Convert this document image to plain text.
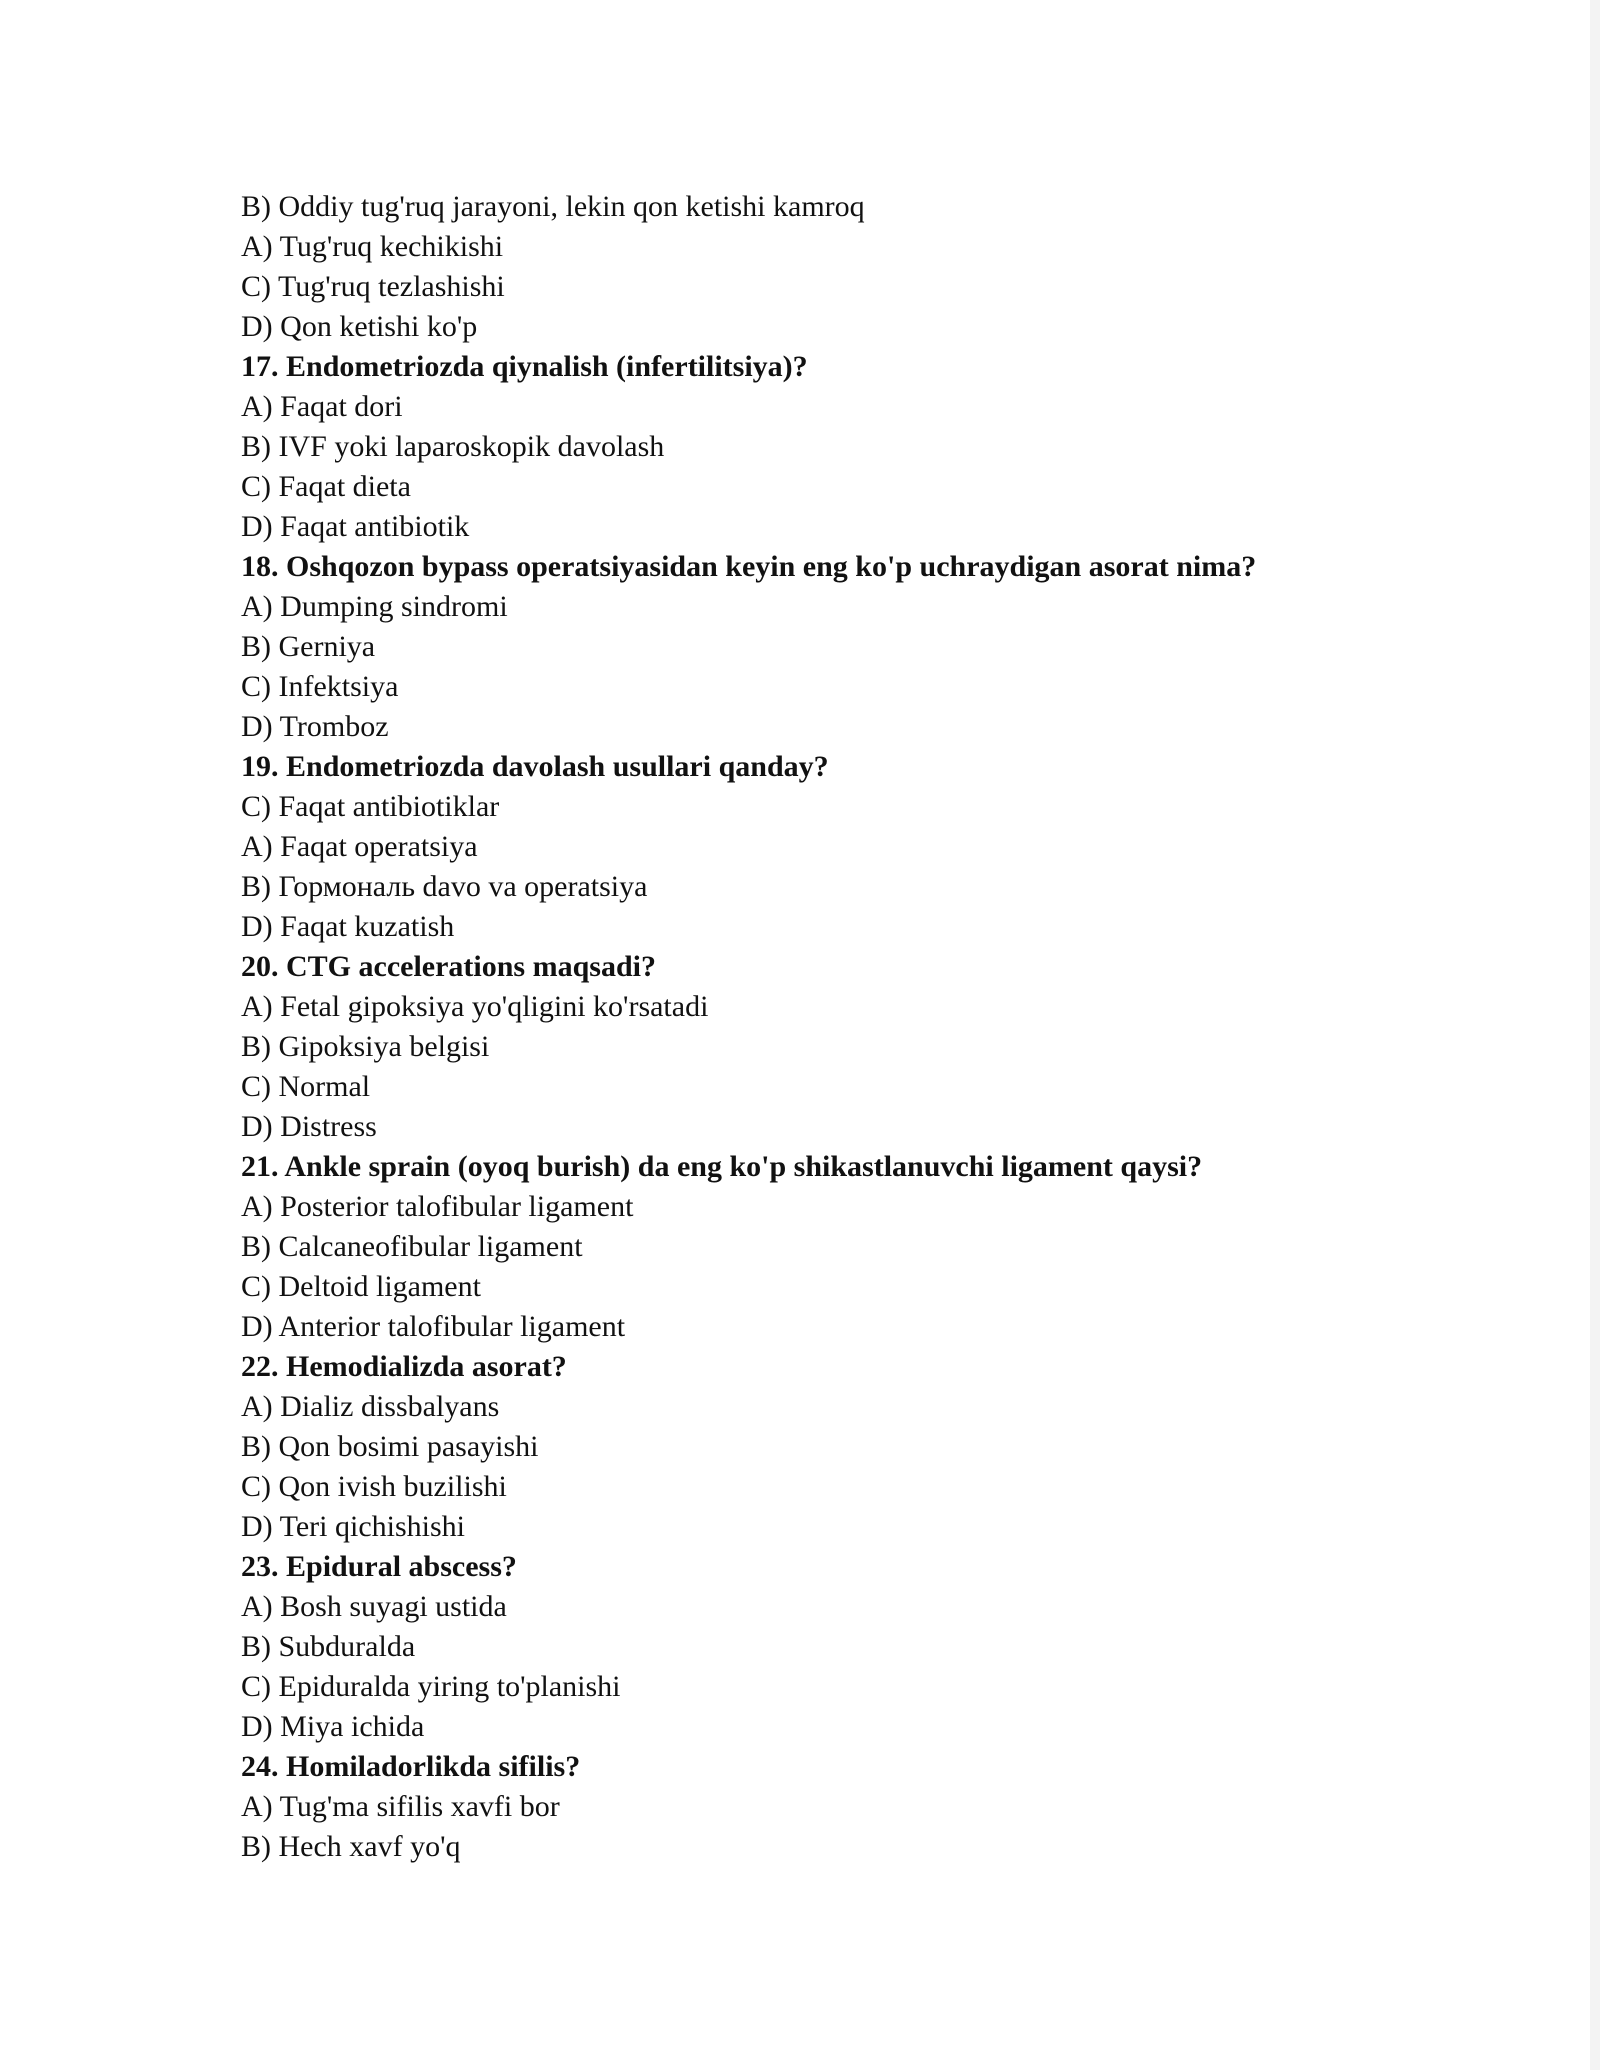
B) Oddiy tug'ruq jarayoni, lekin qon ketishi kamroq
A) Tug'ruq kechikishi
C) Tug'ruq tezlashishi
D) Qon ketishi ko'p
17. Endometriozda qiynalish (infertilitsiya)?
A) Faqat dori
B) IVF yoki laparoskopik davolash
C) Faqat dieta
D) Faqat antibiotik
18. Oshqozon bypass operatsiyasidan keyin eng ko'p uchraydigan asorat nima?
A) Dumping sindromi
B) Gerniya
C) Infektsiya
D) Tromboz
19. Endometriozda davolash usullari qanday?
C) Faqat antibiotiklar
A) Faqat operatsiya
B) Гормональ davo va operatsiya
D) Faqat kuzatish
20. CTG accelerations maqsadi?
A) Fetal gipoksiya yo'qligini ko'rsatadi
B) Gipoksiya belgisi
C) Normal
D) Distress
21. Ankle sprain (oyoq burish) da eng ko'p shikastlanuvchi ligament qaysi?
A) Posterior talofibular ligament
B) Calcaneofibular ligament
C) Deltoid ligament
D) Anterior talofibular ligament
22. Hemodializda asorat?
A) Dializ dissbalyans
B) Qon bosimi pasayishi
C) Qon ivish buzilishi
D) Teri qichishishi
23. Epidural abscess?
A) Bosh suyagi ustida
B) Subduralda
C) Epiduralda yiring to'planishi
D) Miya ichida
24. Homiladorlikda sifilis?
A) Tug'ma sifilis xavfi bor
B) Hech xavf yo'q
